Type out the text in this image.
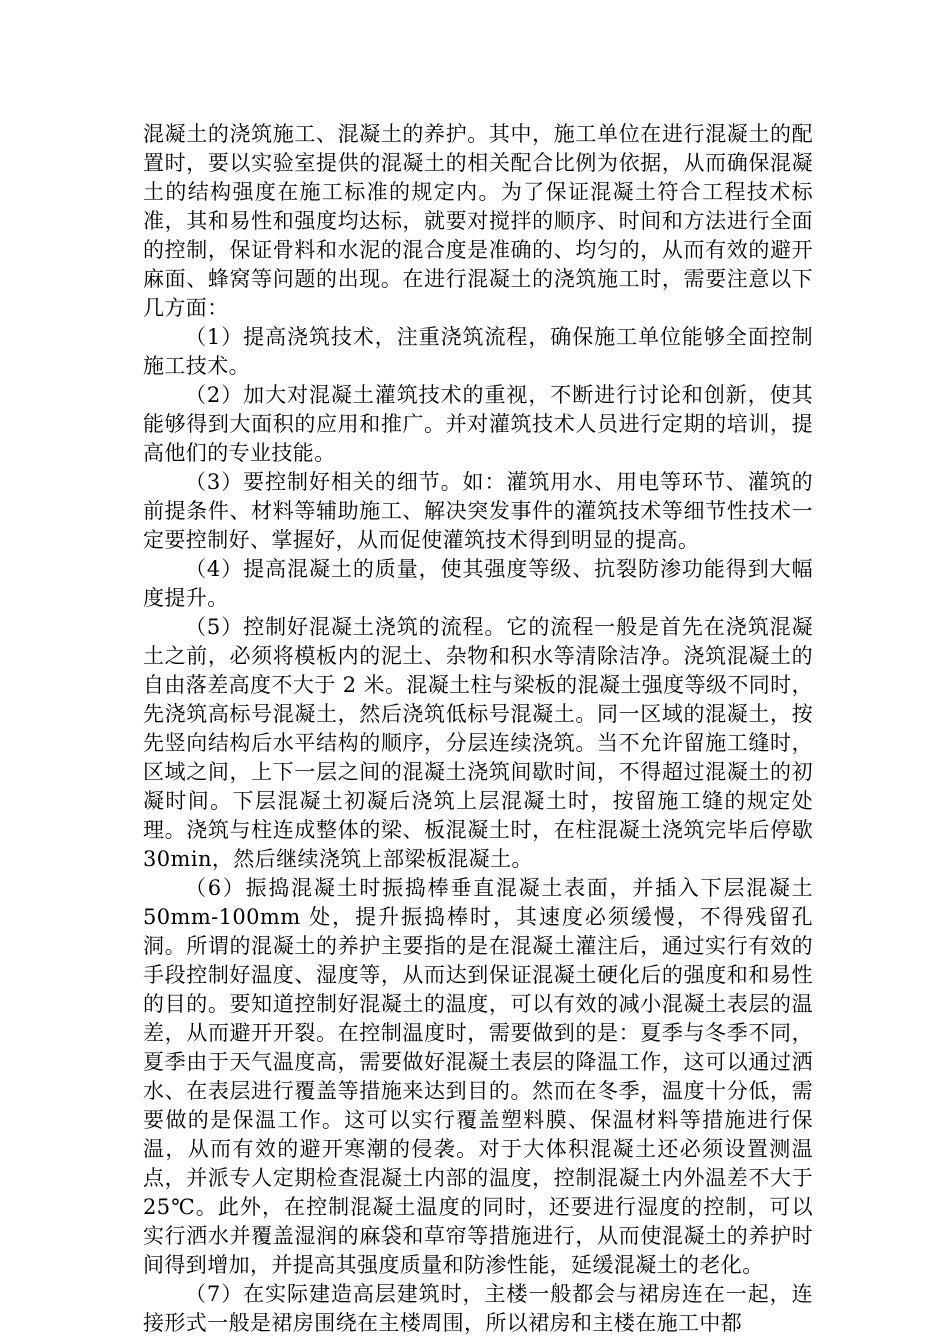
混凝土的浇筑施工、混凝土的养护。其中，施工单位在进行混凝土的配置时，要以实验室提供的混凝土的相关配合比例为依据，从而确保混凝土的结构强度在施工标准的规定内。为了保证混凝土符合工程技术标准，其和易性和强度均达标，就要对搅拌的顺序、时间和方法进行全面的控制，保证骨料和水泥的混合度是准确的、均匀的，从而有效的避开麻面、蜂窝等问题的出现。在进行混凝土的浇筑施工时，需要注意以下几方面：

（1）提高浇筑技术，注重浇筑流程，确保施工单位能够全面控制施工技术。

（2）加大对混凝土灌筑技术的重视，不断进行讨论和创新，使其能够得到大面积的应用和推广。并对灌筑技术人员进行定期的培训，提高他们的专业技能。

（3）要控制好相关的细节。如：灌筑用水、用电等环节、灌筑的前提条件、材料等辅助施工、解决突发事件的灌筑技术等细节性技术一定要控制好、掌握好，从而促使灌筑技术得到明显的提高。

（4）提高混凝土的质量，使其强度等级、抗裂防渗功能得到大幅度提升。

（5）控制好混凝土浇筑的流程。它的流程一般是首先在浇筑混凝土之前，必须将模板内的泥土、杂物和积水等清除洁净。浇筑混凝土的自由落差高度不大于 2 米。混凝土柱与梁板的混凝土强度等级不同时，先浇筑高标号混凝土，然后浇筑低标号混凝土。同一区域的混凝土，按先竖向结构后水平结构的顺序，分层连续浇筑。当不允许留施工缝时，区域之间，上下一层之间的混凝土浇筑间歇时间，不得超过混凝土的初凝时间。下层混凝土初凝后浇筑上层混凝土时，按留施工缝的规定处理。浇筑与柱连成整体的梁、板混凝土时，在柱混凝土浇筑完毕后停歇 30min，然后继续浇筑上部梁板混凝土。

（6）振捣混凝土时振捣棒垂直混凝土表面，并插入下层混凝土 50mm-100mm 处，提升振捣棒时，其速度必须缓慢，不得残留孔洞。所谓的混凝土的养护主要指的是在混凝土灌注后，通过实行有效的手段控制好温度、湿度等，从而达到保证混凝土硬化后的强度和和易性的目的。要知道控制好混凝土的温度，可以有效的减小混凝土表层的温差，从而避开开裂。在控制温度时，需要做到的是：夏季与冬季不同，夏季由于天气温度高，需要做好混凝土表层的降温工作，这可以通过洒水、在表层进行覆盖等措施来达到目的。然而在冬季，温度十分低，需要做的是保温工作。这可以实行覆盖塑料膜、保温材料等措施进行保温，从而有效的避开寒潮的侵袭。对于大体积混凝土还必须设置测温点，并派专人定期检查混凝土内部的温度，控制混凝土内外温差不大于 25℃。此外，在控制混凝土温度的同时，还要进行湿度的控制，可以实行洒水并覆盖湿润的麻袋和草帘等措施进行，从而使混凝土的养护时间得到增加，并提高其强度质量和防渗性能，延缓混凝土的老化。

（7）在实际建造高层建筑时，主楼一般都会与裙房连在一起，连接形式一般是裙房围绕在主楼周围，所以裙房和主楼在施工中都
